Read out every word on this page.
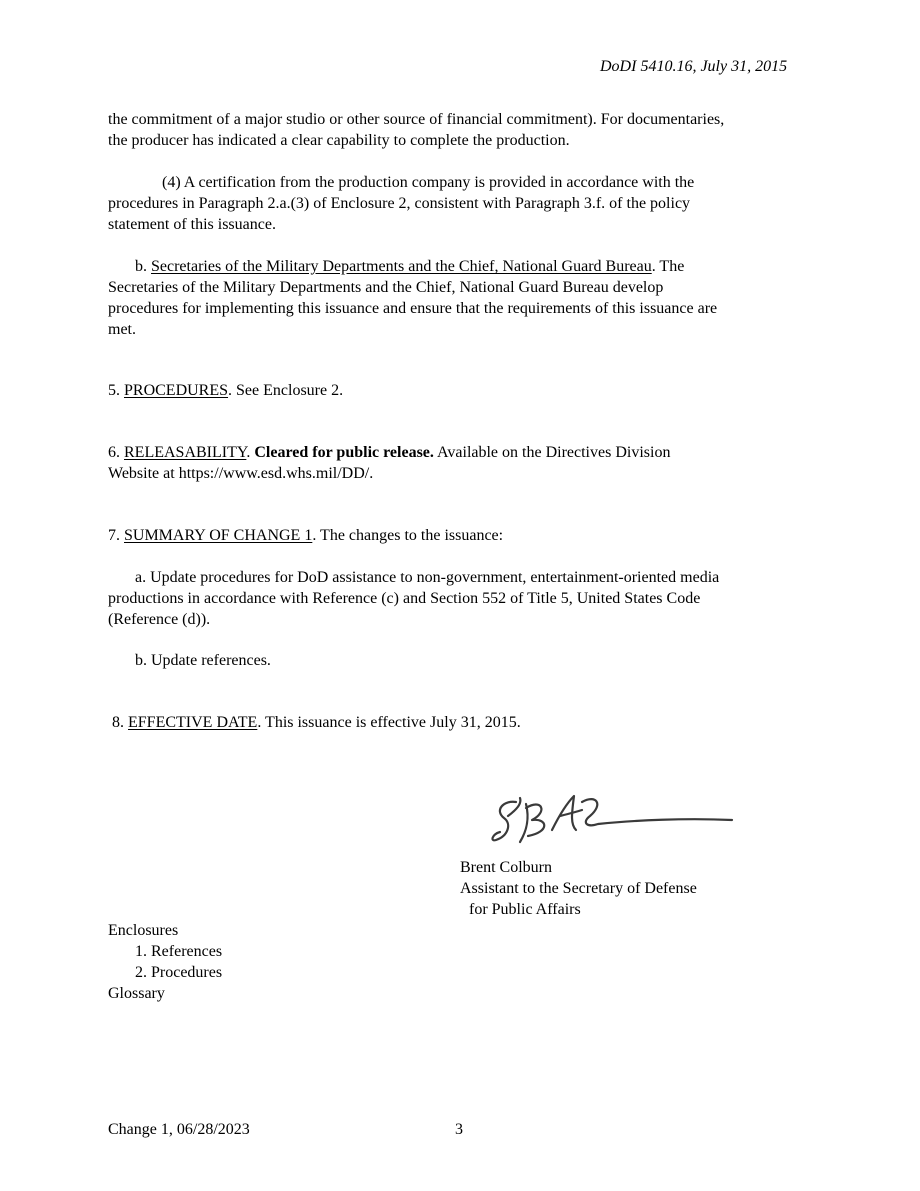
DoDI 5410.16, July 31, 2015
the commitment of a major studio or other source of financial commitment). For documentaries,
the producer has indicated a clear capability to complete the production.
(4) A certification from the production company is provided in accordance with the
procedures in Paragraph 2.a.(3) of Enclosure 2, consistent with Paragraph 3.f. of the policy
statement of this issuance.
b. Secretaries of the Military Departments and the Chief, National Guard Bureau. The
Secretaries of the Military Departments and the Chief, National Guard Bureau develop
procedures for implementing this issuance and ensure that the requirements of this issuance are
met.
5. PROCEDURES. See Enclosure 2.
6. RELEASABILITY. Cleared for public release. Available on the Directives Division
Website at https://www.esd.whs.mil/DD/.
7. SUMMARY OF CHANGE 1. The changes to the issuance:
a. Update procedures for DoD assistance to non-government, entertainment-oriented media
productions in accordance with Reference (c) and Section 552 of Title 5, United States Code
(Reference (d)).
b. Update references.
8. EFFECTIVE DATE. This issuance is effective July 31, 2015.
Brent Colburn
Assistant to the Secretary of Defense
for Public Affairs
Enclosures
1. References
2. Procedures
Glossary
Change 1, 06/28/2023	3
